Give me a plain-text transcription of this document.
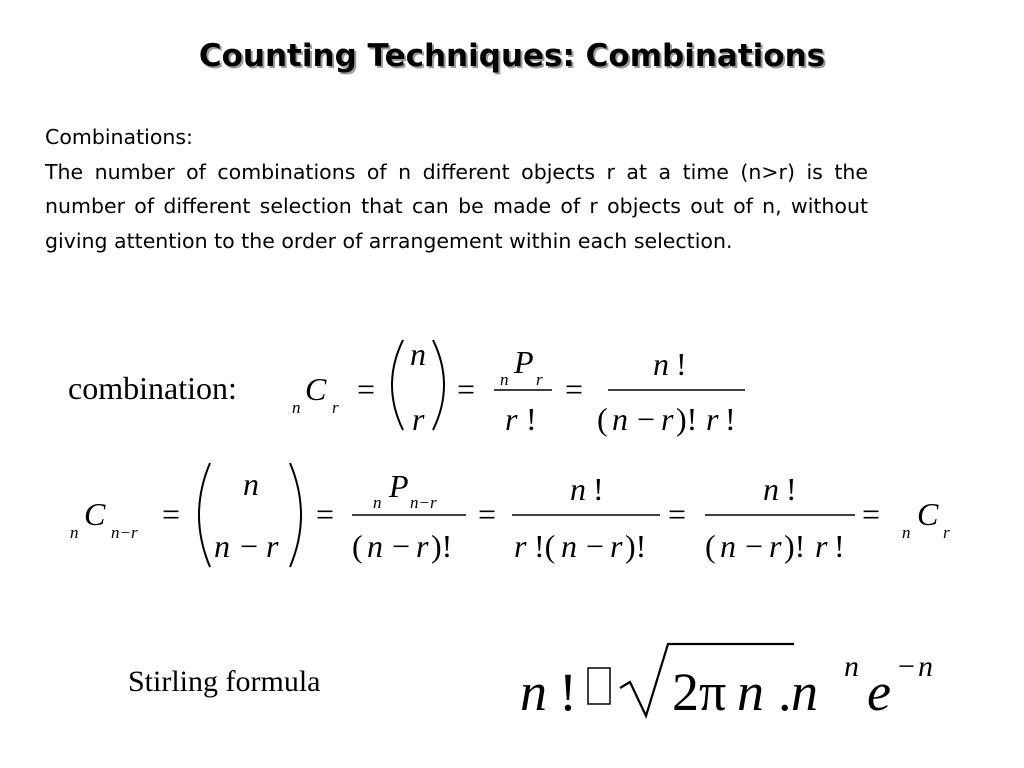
Counting Techniques: Combinations
Combinations:
The number of combinations of n different objects r at a time (n>r) is the number of different selection that can be made of r objects out of n, without giving attention to the order of arrangement within each selection.
combination:
n
C
r
=
n
r
= n P r
r !
=
n !
( n − r )! r !
n
C
n−r
=
n
n − r
= n P n−r
( n − r )!
=
n !
r !( n − r )!
=
n !
( n − r )! r !
=
n
C
r
Stirling formula	n ! 2π n . n n e − n
